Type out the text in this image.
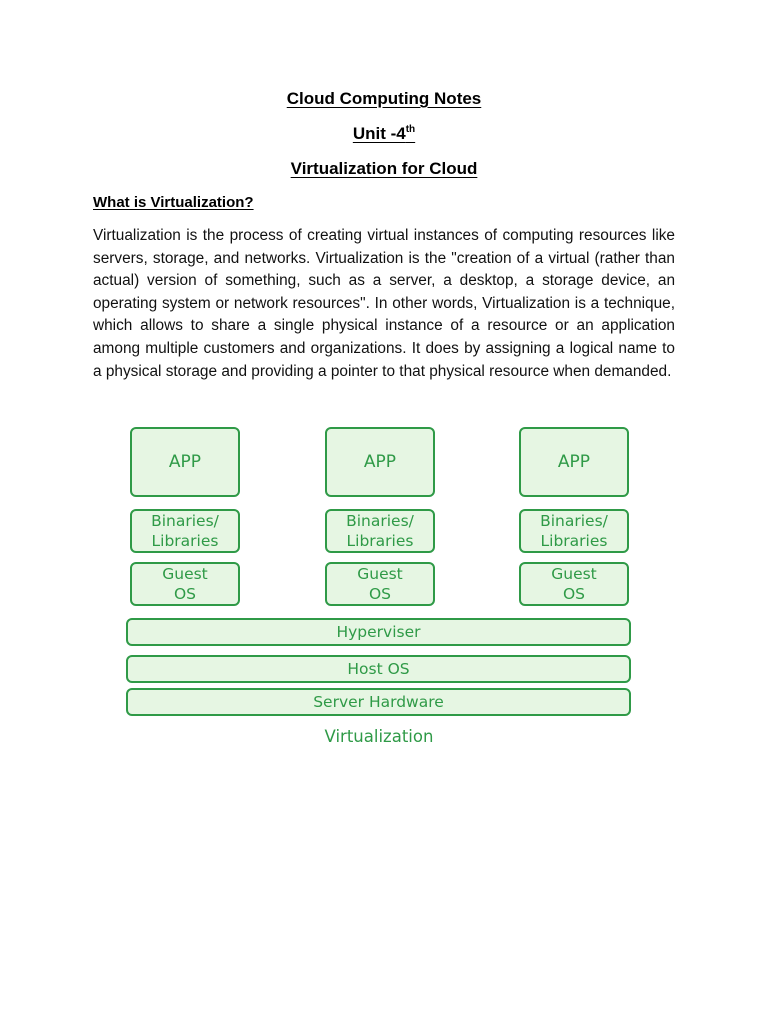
Cloud Computing Notes
Unit -4th
Virtualization for Cloud
What is Virtualization?
Virtualization is the process of creating virtual instances of computing resources like servers, storage, and networks. Virtualization is the "creation of a virtual (rather than actual) version of something, such as a server, a desktop, a storage device, an operating system or network resources". In other words, Virtualization is a technique, which allows to share a single physical instance of a resource or an application among multiple customers and organizations. It does by assigning a logical name to a physical storage and providing a pointer to that physical resource when demanded.
APP
Binaries/
Libraries
Guest
OS
APP
Binaries/
Libraries
Guest
OS
APP
Binaries/
Libraries
Guest
OS
Hyperviser
Host OS
Server Hardware
Virtualization
